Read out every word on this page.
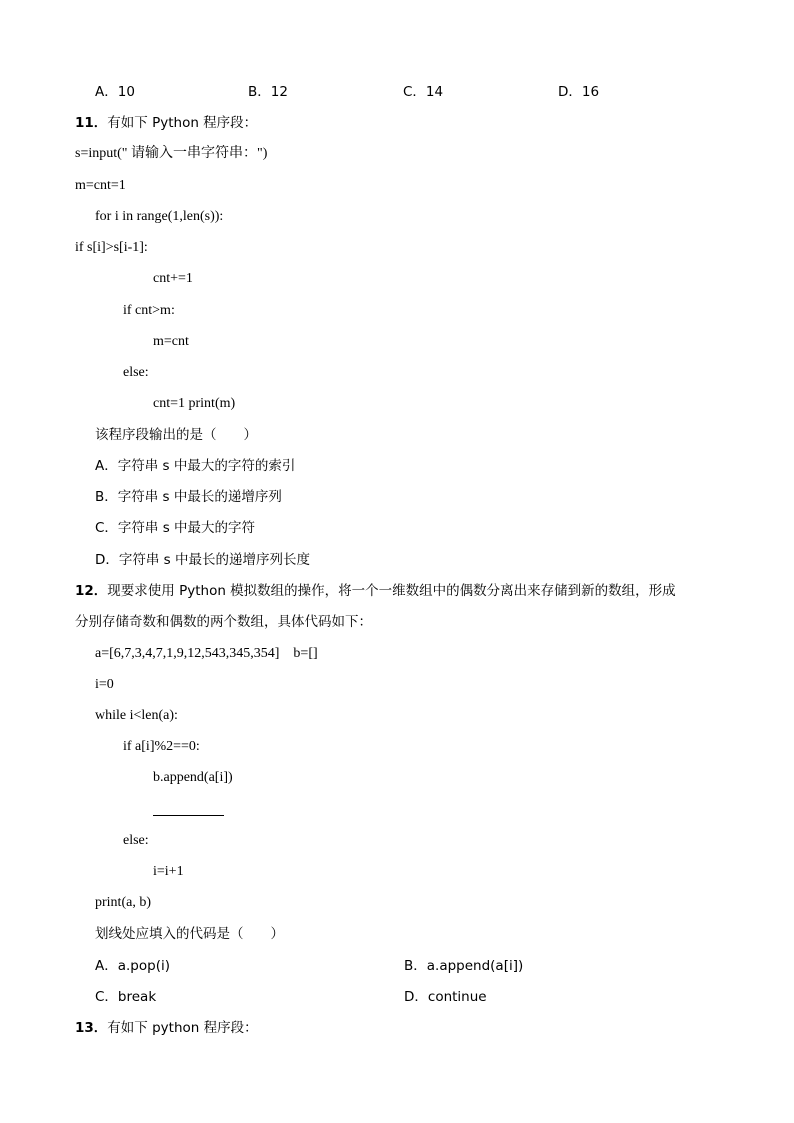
A．10	B．12	C．14	D．16
11．有如下 Python 程序段：
s=input(" 请输入一串字符串：")
m=cnt=1
for i in range(1,len(s)):
if s[i]>s[i-1]:
cnt+=1
if cnt>m:
m=cnt
else:
cnt=1 print(m)
该程序段输出的是（　　）
A．字符串 s 中最大的字符的索引
B．字符串 s 中最长的递增序列
C．字符串 s 中最大的字符
D．字符串 s 中最长的递增序列长度
12．现要求使用 Python 模拟数组的操作，将一个一维数组中的偶数分离出来存储到新的数组，形成
分别存储奇数和偶数的两个数组，具体代码如下：
a=[6,7,3,4,7,1,9,12,543,345,354]    b=[]
i=0
while i<len(a):
if a[i]%2==0:
b.append(a[i])
else:
i=i+1
print(a, b)
划线处应填入的代码是（　　）
A．a.pop(i)	B．a.append(a[i])
C．break	D．continue
13．有如下 python 程序段：
